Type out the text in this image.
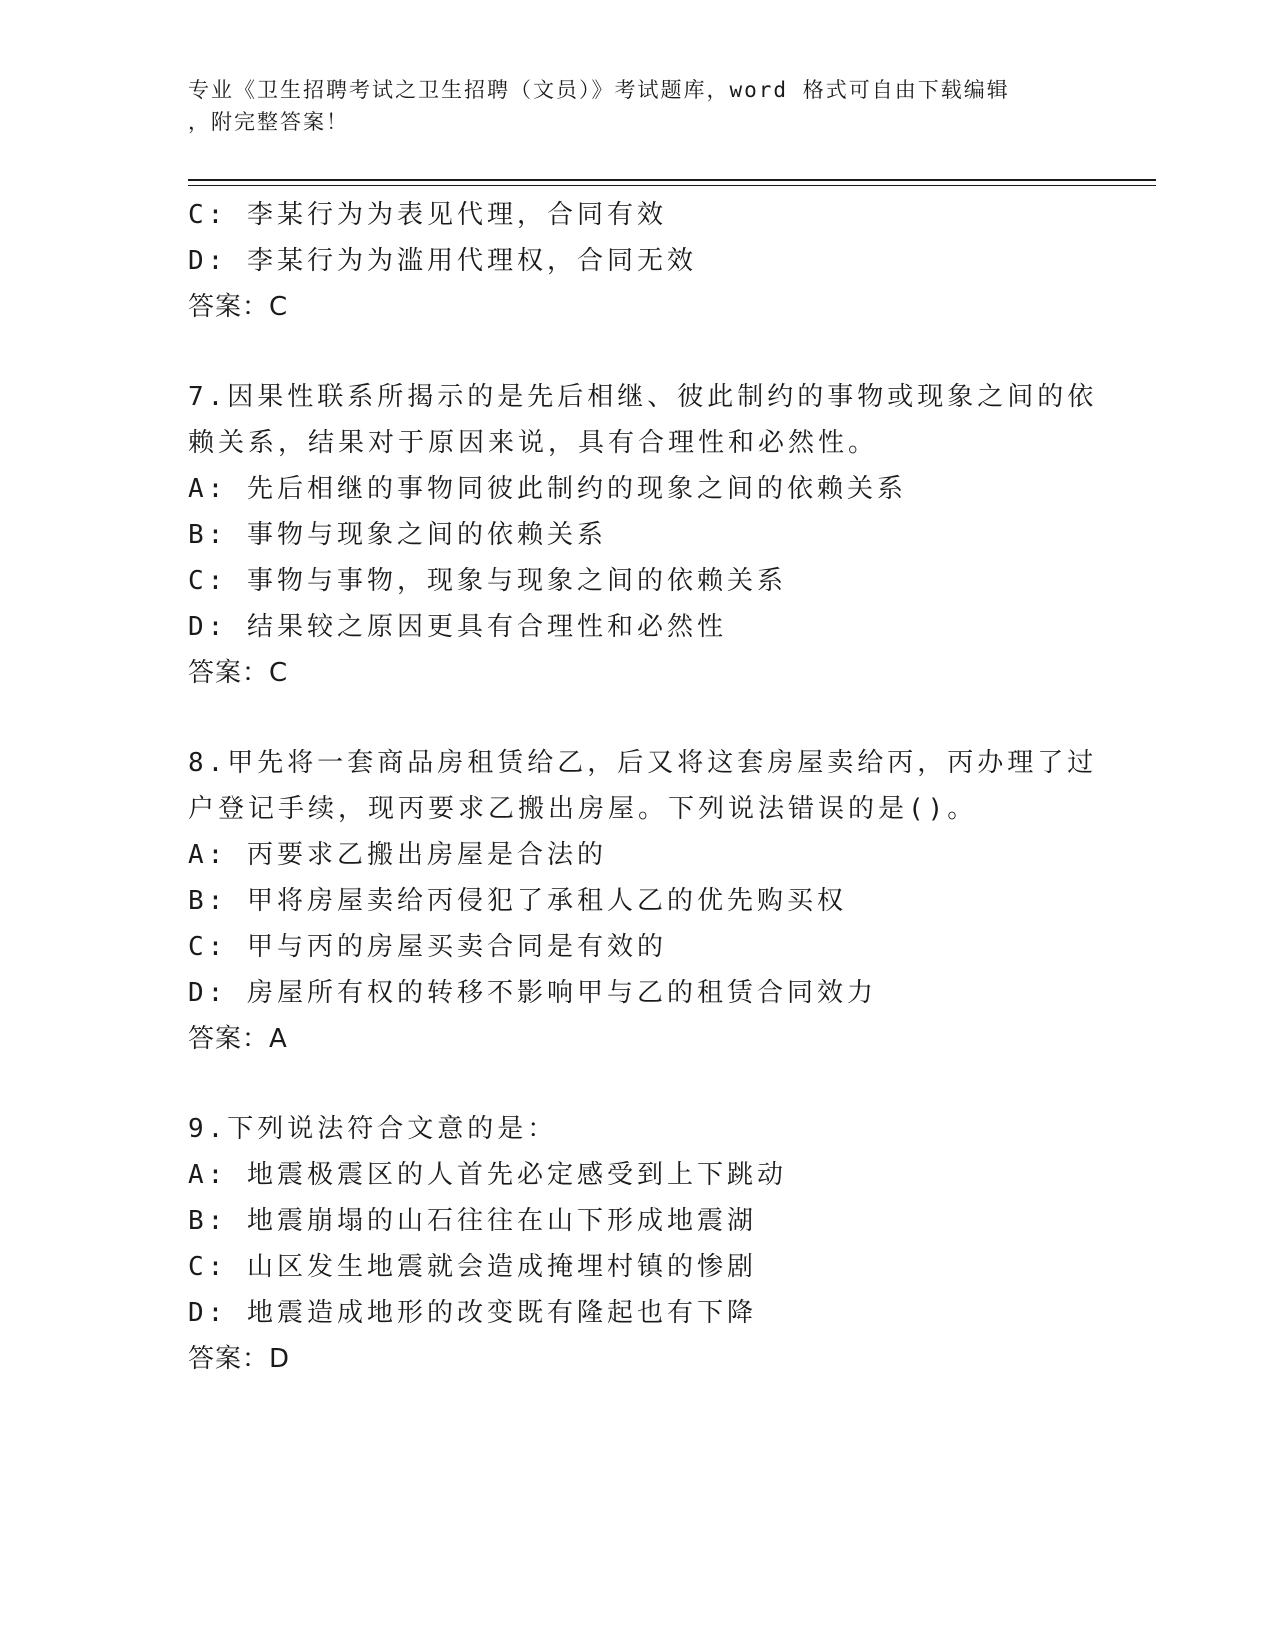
专业《卫生招聘考试之卫生招聘（文员）》考试题库，word 格式可自由下载编辑
，附完整答案！

C: 李某行为为表见代理，合同有效

D: 李某行为为滥用代理权，合同无效

答案：C

7.因果性联系所揭示的是先后相继、彼此制约的事物或现象之间的依

赖关系，结果对于原因来说，具有合理性和必然性。

A: 先后相继的事物同彼此制约的现象之间的依赖关系

B: 事物与现象之间的依赖关系

C: 事物与事物，现象与现象之间的依赖关系

D: 结果较之原因更具有合理性和必然性

答案：C

8.甲先将一套商品房租赁给乙，后又将这套房屋卖给丙，丙办理了过

户登记手续，现丙要求乙搬出房屋。下列说法错误的是()。

A: 丙要求乙搬出房屋是合法的

B: 甲将房屋卖给丙侵犯了承租人乙的优先购买权

C: 甲与丙的房屋买卖合同是有效的

D: 房屋所有权的转移不影响甲与乙的租赁合同效力

答案：A

9.下列说法符合文意的是：

A: 地震极震区的人首先必定感受到上下跳动

B: 地震崩塌的山石往往在山下形成地震湖

C: 山区发生地震就会造成掩埋村镇的惨剧

D: 地震造成地形的改变既有隆起也有下降

答案：D
